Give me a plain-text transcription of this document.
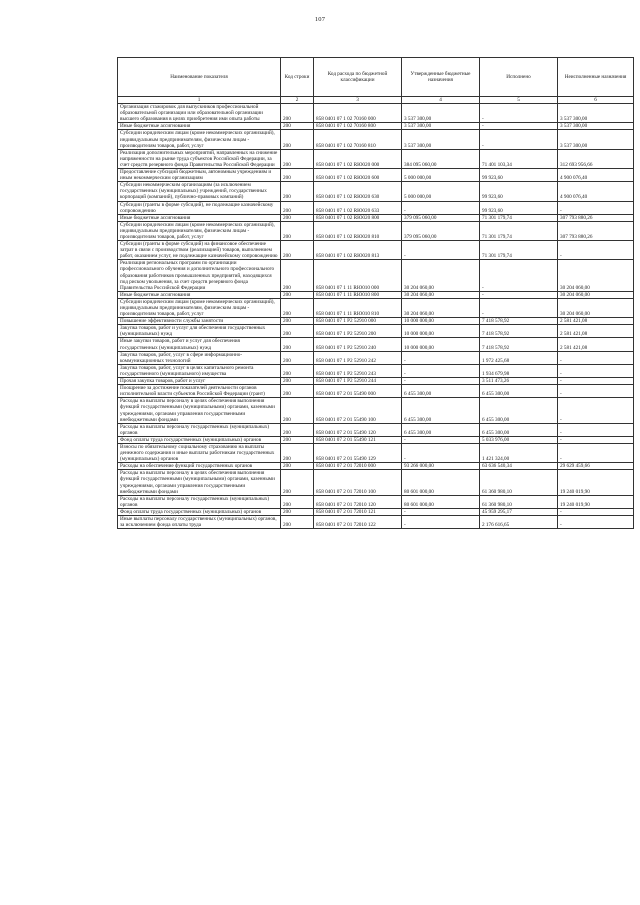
107
Наименование показателя	Код строки	Код расхода по бюджетной классификации	Утвержденные бюджетные назначения	Исполнено	Неисполненные назначения
1	2	3	4	5	6
Организация стажировок для выпускников профессиональной образовательной организации или образовательной организации высшего образования в целях приобретения ими опыта работы	200	858 0401 07 1 02 70160 000	3 537 300,00	-	3 537 300,00
Иные бюджетные ассигнования	200	858 0401 07 1 02 70160 800	3 537 300,00	-	3 537 300,00
Субсидии юридическим лицам (кроме некоммерческих организаций), индивидуальным предпринимателям, физическим лицам - производителям товаров, работ, услуг	200	858 0401 07 1 02 70160 810	3 537 300,00	-	3 537 300,00
Реализация дополнительных мероприятий, направленных на снижение напряженности на рынке труда субъектов Российской Федерации, за счет средств резервного фонда Правительства Российской Федерации	200	858 0401 07 1 02 RЮ020 000	384 095 060,00	71 401 103,34	312 693 956,66
Предоставление субсидий бюджетным, автономным учреждениям и иным некоммерческим организациям	200	858 0401 07 1 02 RЮ020 600	5 000 000,00	99 923,60	4 900 076,40
Субсидии некоммерческим организациям (за исключением государственных (муниципальных) учреждений, государственных корпораций (компаний), публично-правовых компаний)	200	858 0401 07 1 02 RЮ020 630	5 000 000,00	99 923,60	4 900 076,40
Субсидии (гранты в форме субсидий), не подлежащие казначейскому сопровождению	200	858 0401 07 1 02 RЮ020 633	-	99 923,60	-
Иные бюджетные ассигнования	200	858 0401 07 1 02 RЮ020 800	379 095 060,00	71 301 179,74	307 793 880,26
Субсидии юридическим лицам (кроме некоммерческих организаций), индивидуальным предпринимателям, физическим лицам - производителям товаров, работ, услуг	200	858 0401 07 1 02 RЮ020 810	379 095 060,00	71 301 179,74	307 793 880,26
Субсидии (гранты в форме субсидий) на финансовое обеспечение затрат в связи с производством (реализацией) товаров, выполнением работ, оказанием услуг, не подлежащие казначейскому сопровождению	200	858 0401 07 1 02 RЮ020 813	-	71 301 179,74	-
Реализация региональных программ по организации профессионального обучения и дополнительного профессионального образования работников промышленных предприятий, находящихся под риском увольнения, за счет средств резервного фонда Правительства Российской Федерации	200	858 0401 07 1 11 RЮ010 000	30 204 060,00	-	30 204 060,00
Иные бюджетные ассигнования	200	858 0401 07 1 11 RЮ010 800	30 204 060,00	-	30 204 060,00
Субсидии юридическим лицам (кроме некоммерческих организаций), индивидуальным предпринимателям, физическим лицам - производителям товаров, работ, услуг	200	858 0401 07 1 11 RЮ010 810	30 204 060,00	-	30 204 060,00
Повышение эффективности службы занятости	200	858 0401 07 1 P2 52910 000	10 000 000,00	7 418 578,92	2 581 421,08
Закупка товаров, работ и услуг для обеспечения государственных (муниципальных) нужд	200	858 0401 07 1 P2 52910 200	10 000 000,00	7 418 578,92	2 581 421,08
Иные закупки товаров, работ и услуг для обеспечения государственных (муниципальных) нужд	200	858 0401 07 1 P2 52910 240	10 000 000,00	7 418 578,92	2 581 421,08
Закупка товаров, работ, услуг в сфере информационно-коммуникационных технологий	200	858 0401 07 1 P2 52910 242	-	1 972 425,68	-
Закупка товаров, работ, услуг в целях капитального ремонта государственного (муниципального) имущества	200	858 0401 07 1 P2 52910 243	-	1 934 679,98	-
Прочая закупка товаров, работ и услуг	200	858 0401 07 1 P2 52910 244	-	3 511 473,26	-
Поощрение за достижение показателей деятельности органов исполнительной власти субъектов Российской Федерации (грант)	200	858 0401 07 2 01 55490 000	6 455 300,00	6 455 300,00	-
Расходы на выплаты персоналу в целях обеспечения выполнения функций государственными (муниципальными) органами, казенными учреждениями, органами управления государственными внебюджетными фондами	200	858 0401 07 2 01 55490 100	6 455 300,00	6 455 300,00	-
Расходы на выплаты персоналу государственных (муниципальных) органов	200	858 0401 07 2 01 55490 120	6 455 300,00	6 455 300,00	-
Фонд оплаты труда государственных (муниципальных) органов	200	858 0401 07 2 01 55490 121	-	5 033 976,00	-
Взносы по обязательному социальному страхованию на выплаты денежного содержания и иные выплаты работникам государственных (муниципальных) органов	200	858 0401 07 2 01 55490 129	-	1 421 324,00	-
Расходы на обеспечение функций государственных органов	200	858 0401 07 2 01 72010 000	93 266 000,00	63 636 540,34	29 629 459,66
Расходы на выплаты персоналу в целях обеспечения выполнения функций государственными (муниципальными) органами, казенными учреждениями, органами управления государственными внебюджетными фондами	200	858 0401 07 2 01 72010 100	80 601 000,00	61 360 980,10	19 240 019,90
Расходы на выплаты персоналу государственных (муниципальных) органов	200	858 0401 07 2 01 72010 120	80 601 000,00	61 360 980,10	19 240 019,90
Фонд оплаты труда государственных (муниципальных) органов	200	858 0401 07 2 01 72010 121	-	45 959 295,17	-
Иные выплаты персоналу государственных (муниципальных) органов, за исключением фонда оплаты труда	200	858 0401 07 2 01 72010 122	-	2 176 616,65	-
